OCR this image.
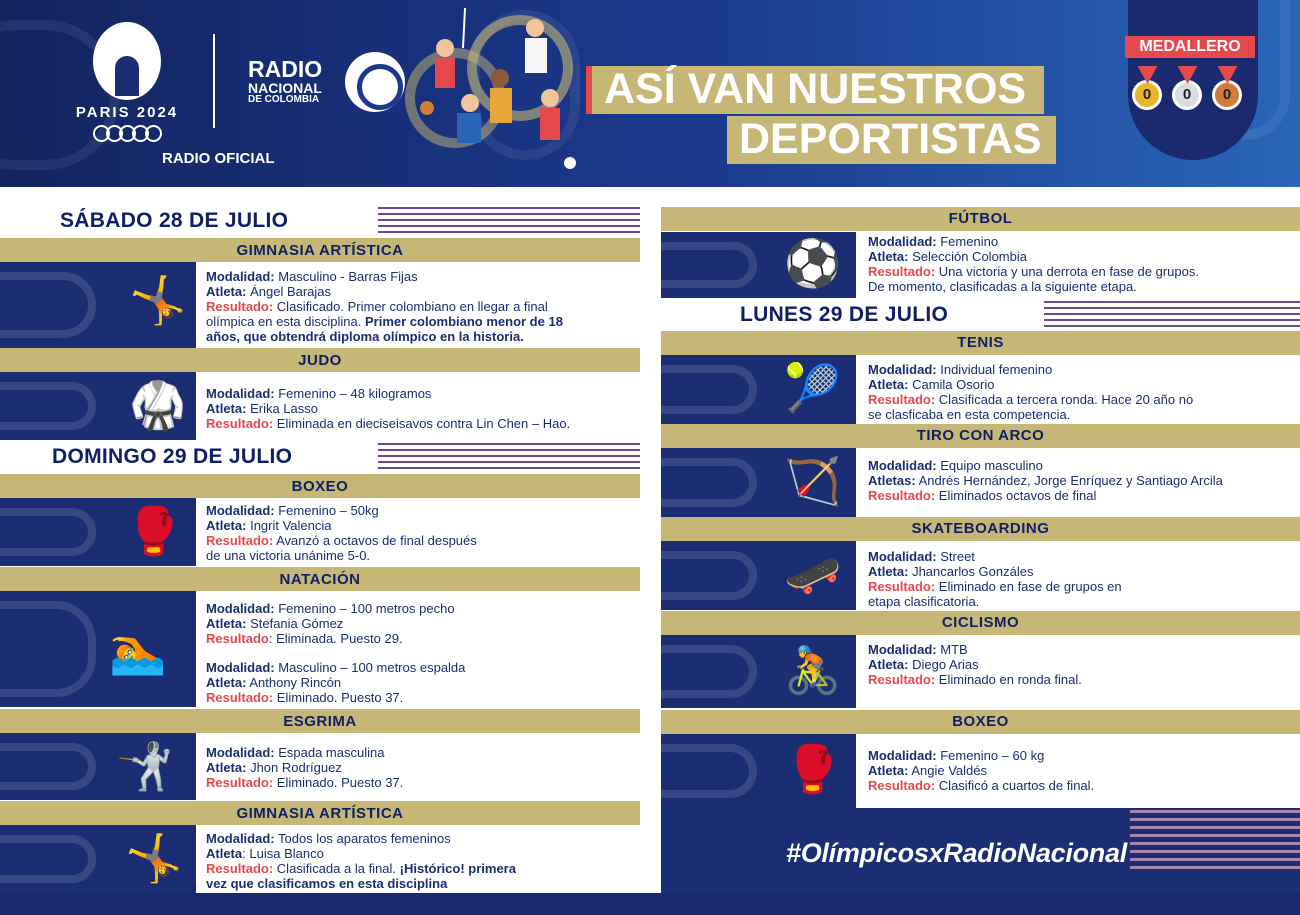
PARIS 2024
RADIO OFICIAL
RADIO
NACIONAL
DE COLOMBIA	ASÍ VAN NUESTROS
DEPORTISTAS
MEDALLERO
0	0	0
SÁBADO 28 DE JULIO
GIMNASIA ARTÍSTICA
🤸 Modalidad: Masculino - Barras Fijas
Atleta: Ángel Barajas
Resultado: Clasificado. Primer colombiano en llegar a final
olímpica en esta disciplina. Primer colombiano menor de 18
años, que obtendrá diploma olímpico en la historia.
JUDO
🥋 Modalidad: Femenino – 48 kilogramos
Atleta: Erika Lasso
Resultado: Eliminada en dieciseisavos contra Lin Chen – Hao.
DOMINGO 29 DE JULIO
BOXEO
🥊 Modalidad: Femenino – 50kg
Atleta: Ingrit Valencia
Resultado: Avanzó a octavos de final después
de una victoria unánime 5-0.
NATACIÓN
🏊
Modalidad: Femenino – 100 metros pecho
Atleta: Stefania Gómez
Resultado: Eliminada. Puesto 29.
Modalidad: Masculino – 100 metros espalda
Atleta: Anthony Rincón
Resultado: Eliminado. Puesto 37.
ESGRIMA
🤺	Modalidad: Espada masculina
Atleta: Jhon Rodríguez
Resultado: Eliminado. Puesto 37.
GIMNASIA ARTÍSTICA
🤸 Modalidad: Todos los aparatos femeninos
Atleta: Luisa Blanco
Resultado: Clasificada a la final. ¡Histórico! primera
vez que clasificamos en esta disciplina
FÚTBOL
⚽ Modalidad: Femenino
Atleta: Selección Colombia
Resultado: Una victoria y una derrota en fase de grupos.
De momento, clasificadas a la siguiente etapa.
LUNES 29 DE JULIO
TENIS
🎾 Modalidad: Individual femenino
Atleta: Camila Osorio
Resultado: Clasificada a tercera ronda. Hace 20 año no
se clasficaba en esta competencia.
TIRO CON ARCO
🏹 Modalidad: Equipo masculino
Atletas: Andrés Hernández, Jorge Enríquez y Santiago Arcila
Resultado: Eliminados octavos de final
SKATEBOARDING
🛹 Modalidad: Street
Atleta: Jhancarlos Gonzáles
Resultado: Eliminado en fase de grupos en
etapa clasificatoria.
CICLISMO
🚴 Modalidad: MTB
Atleta: Diego Arias
Resultado: Eliminado en ronda final.
BOXEO
🥊 Modalidad: Femenino – 60 kg
Atleta: Angie Valdés
Resultado: Clasificó a cuartos de final.
#OlímpicosxRadioNacional
